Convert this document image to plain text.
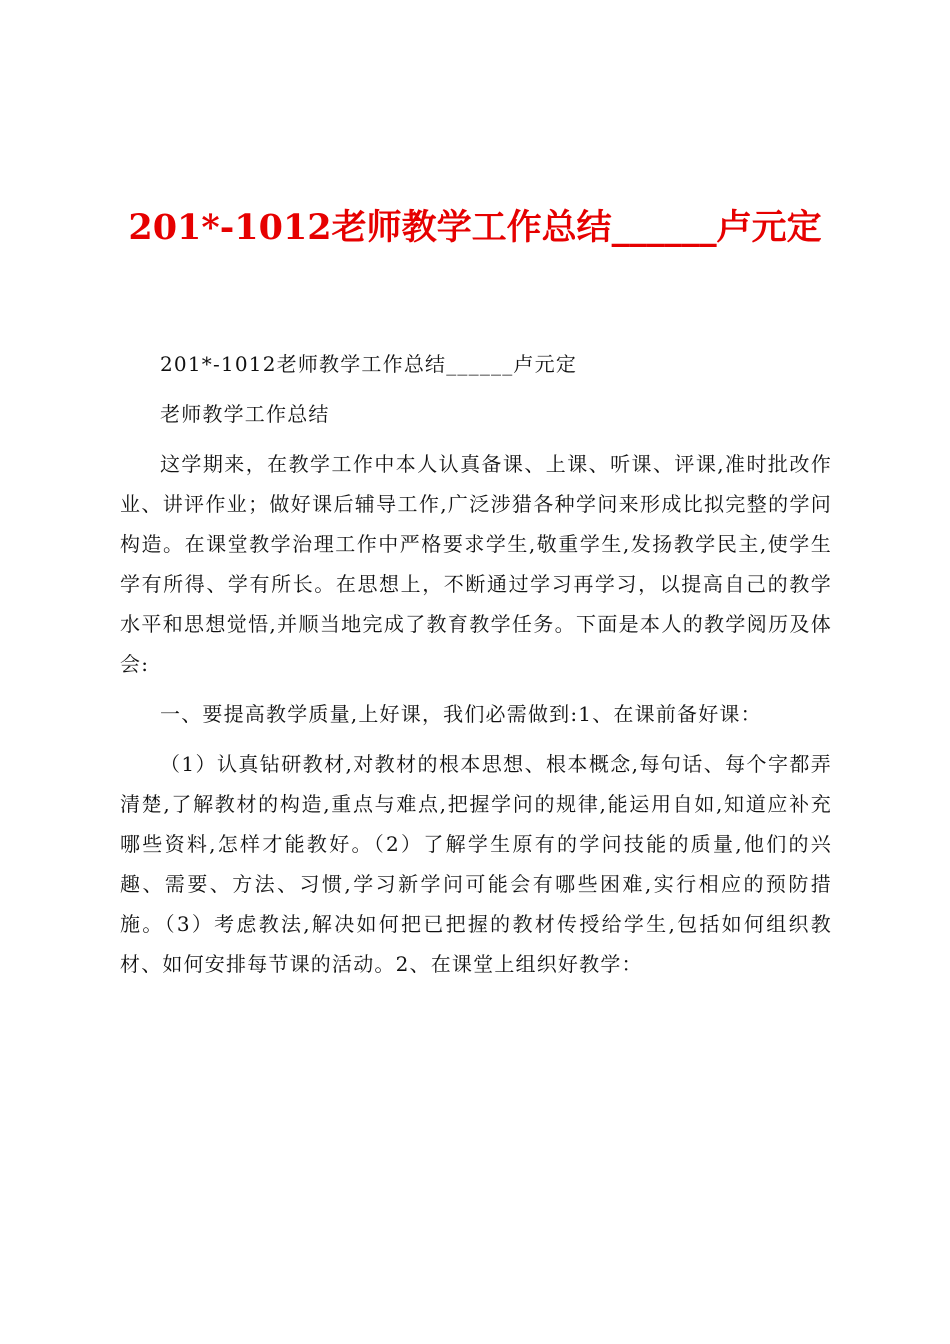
201*-1012老师教学工作总结______卢元定

201*-1012老师教学工作总结______卢元定

老师教学工作总结

这学期来，在教学工作中本人认真备课、上课、听课、评课,准时批改作业、讲评作业；做好课后辅导工作,广泛涉猎各种学问来形成比拟完整的学问构造。在课堂教学治理工作中严格要求学生,敬重学生,发扬教学民主,使学生学有所得、学有所长。在思想上，不断通过学习再学习，以提高自己的教学水平和思想觉悟,并顺当地完成了教育教学任务。下面是本人的教学阅历及体会:

一、要提高教学质量,上好课，我们必需做到:1、在课前备好课：

（1）认真钻研教材,对教材的根本思想、根本概念,每句话、每个字都弄清楚,了解教材的构造,重点与难点,把握学问的规律,能运用自如,知道应补充哪些资料,怎样才能教好。（2）了解学生原有的学问技能的质量,他们的兴趣、需要、方法、习惯,学习新学问可能会有哪些困难,实行相应的预防措施。（3）考虑教法,解决如何把已把握的教材传授给学生,包括如何组织教材、如何安排每节课的活动。2、在课堂上组织好教学：
